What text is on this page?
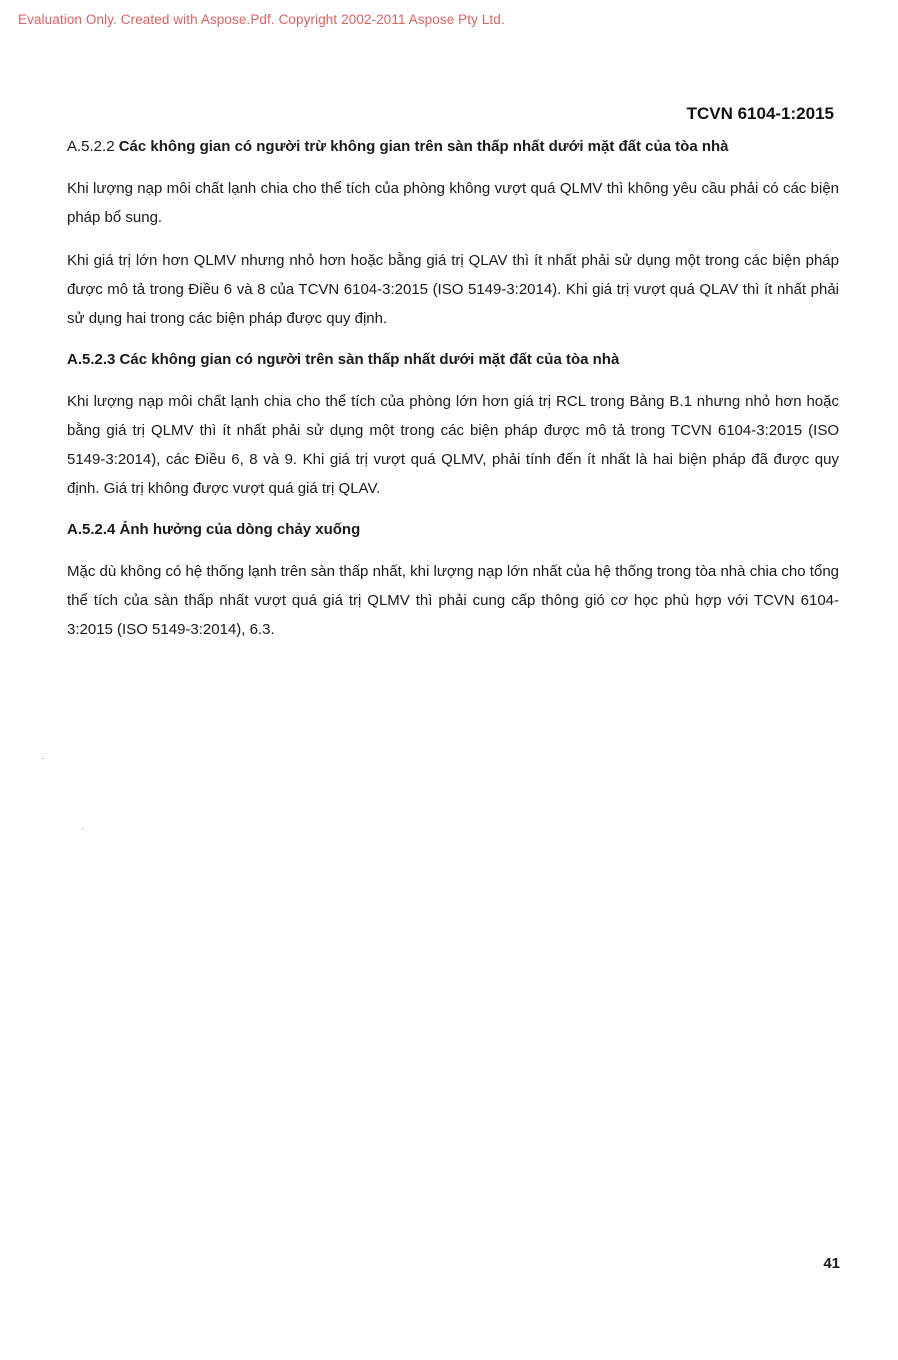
Evaluation Only. Created with Aspose.Pdf. Copyright 2002-2011 Aspose Pty Ltd.
TCVN 6104-1:2015
A.5.2.2 Các không gian có người trừ không gian trên sàn thấp nhất dưới mặt đất của tòa nhà

Khi lượng nạp môi chất lạnh chia cho thể tích của phòng không vượt quá QLMV thì không yêu cầu phải có các biện pháp bổ sung.

Khi giá trị lớn hơn QLMV nhưng nhỏ hơn hoặc bằng giá trị QLAV thì ít nhất phải sử dụng một trong các biện pháp được mô tả trong Điều 6 và 8 của TCVN 6104-3:2015 (ISO 5149-3:2014). Khi giá trị vượt quá QLAV thì ít nhất phải sử dụng hai trong các biện pháp được quy định.

A.5.2.3 Các không gian có người trên sàn thấp nhất dưới mặt đất của tòa nhà

Khi lượng nạp môi chất lạnh chia cho thể tích của phòng lớn hơn giá trị RCL trong Bảng B.1 nhưng nhỏ hơn hoặc bằng giá trị QLMV thì ít nhất phải sử dụng một trong các biện pháp được mô tả trong TCVN 6104-3:2015 (ISO 5149-3:2014), các Điều 6, 8 và 9. Khi giá trị vượt quá QLMV, phải tính đến ít nhất là hai biện pháp đã được quy định. Giá trị không được vượt quá giá trị QLAV.

A.5.2.4 Ảnh hưởng của dòng chảy xuống

Mặc dù không có hệ thống lạnh trên sàn thấp nhất, khi lượng nạp lớn nhất của hệ thống trong tòa nhà chia cho tổng thể tích của sàn thấp nhất vượt quá giá trị QLMV thì phải cung cấp thông gió cơ học phù hợp với TCVN 6104-3:2015 (ISO 5149-3:2014), 6.3.

41
